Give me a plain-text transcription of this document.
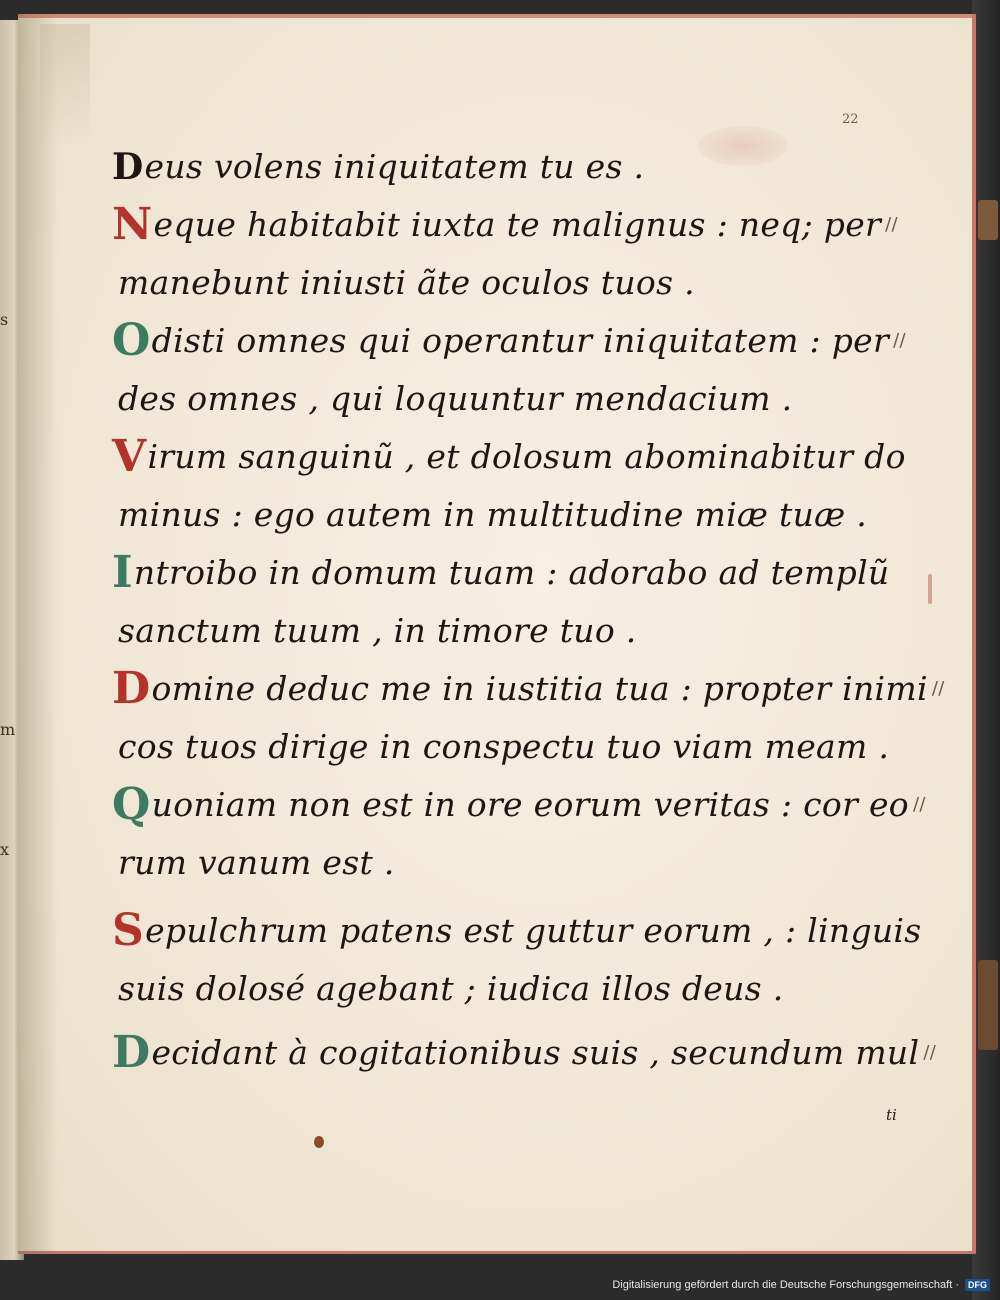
s
m
x
22
D eus volens iniquitatem tu es .
N eque habitabit iuxta te malignus : neq; per //
manebunt iniusti ãte oculos tuos .
O disti omnes qui operantur iniquitatem : per //
des omnes , qui loquuntur mendacium .
V irum sanguinũ , et dolosum abominabitur do
minus : ego autem in multitudine miæ tuæ .
I ntroibo in domum tuam : adorabo ad templũ
sanctum tuum , in timore tuo .
D omine deduc me in iustitia tua : propter inimi //
cos tuos dirige in conspectu tuo viam meam .
Q uoniam non est in ore eorum veritas : cor eo //
rum vanum est .
S epulchrum patens est guttur eorum , : linguis
suis dolosé agebant ; iudica illos deus .
D ecidant à cogitationibus suis , secundum mul //
ti
Digitalisierung gefördert durch die Deutsche Forschungsgemeinschaft ·	DFG
